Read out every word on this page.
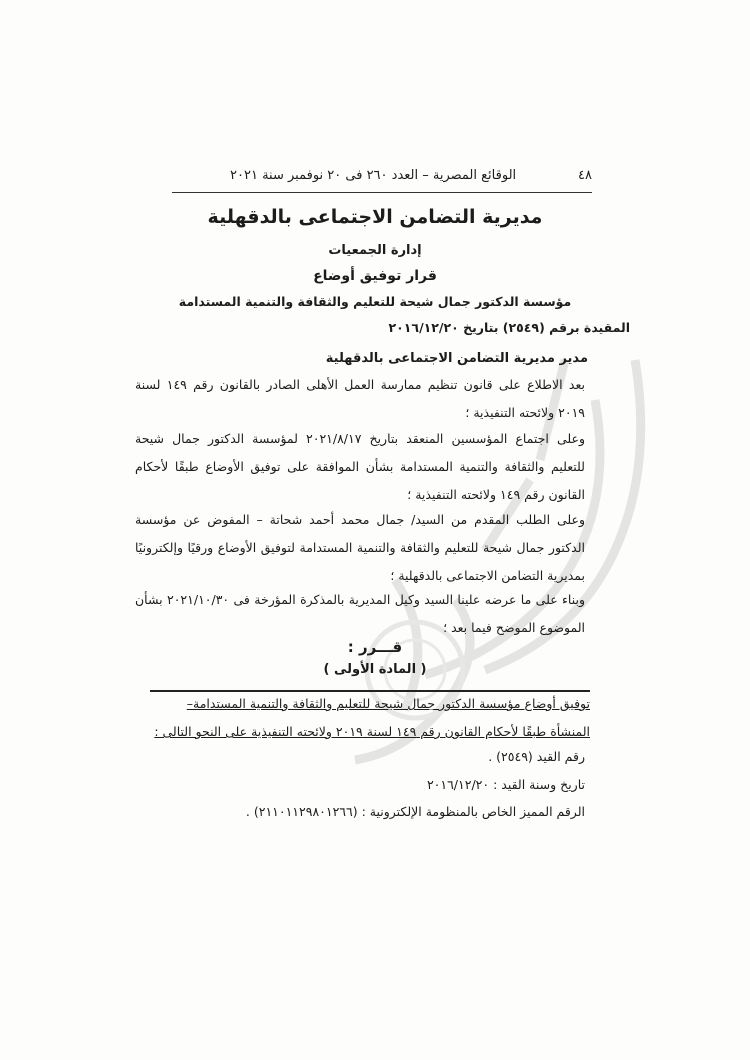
٤٨
الوقائع المصرية – العدد ٢٦٠ فى ٢٠ نوفمبر سنة ٢٠٢١
مديرية التضامن الاجتماعى بالدقهلية
إدارة الجمعيات
قرار توفيق أوضاع
مؤسسة الدكتور جمال شيحة للتعليم والثقافة والتنمية المستدامة
المقيدة برقم (٢٥٤٩) بتاريخ ٢٠١٦/١٢/٢٠
مدير مديرية التضامن الاجتماعى بالدقهلية
بعد الاطلاع على قانون تنظيم ممارسة العمل الأهلى الصادر بالقانون رقم ١٤٩ لسنة ٢٠١٩ ولائحته التنفيذية ؛
وعلى اجتماع المؤسسين المنعقد بتاريخ ٢٠٢١/٨/١٧ لمؤسسة الدكتور جمال شيحة للتعليم والثقافة والتنمية المستدامة بشأن الموافقة على توفيق الأوضاع طبقًا لأحكام القانون رقم ١٤٩ ولائحته التنفيذية ؛
وعلى الطلب المقدم من السيد/ جمال محمد أحمد شحاتة – المفوض عن مؤسسة الدكتور جمال شيحة للتعليم والثقافة والتنمية المستدامة لتوفيق الأوضاع ورقيًا وإلكترونيًا بمديرية التضامن الاجتماعى بالدقهلية ؛
وبناء على ما عرضه علينا السيد وكيل المديرية بالمذكرة المؤرخة فى ٢٠٢١/١٠/٣٠ بشأن الموضوع الموضح فيما بعد ؛
قـــرر :
( المادة الأولى )
توفيق أوضاع مؤسسة الدكتور جمال شيحة للتعليم والثقافة والتنمية المستدامة–
المنشأة طبقًا لأحكام القانون رقم ١٤٩ لسنة ٢٠١٩ ولائحته التنفيذية على النحو التالى :
رقم القيد (٢٥٤٩) .
تاريخ وسنة القيد : ٢٠١٦/١٢/٢٠
الرقم المميز الخاص بالمنظومة الإلكترونية : (٢١١٠١١٢٩٨٠١٢٦٦) .
